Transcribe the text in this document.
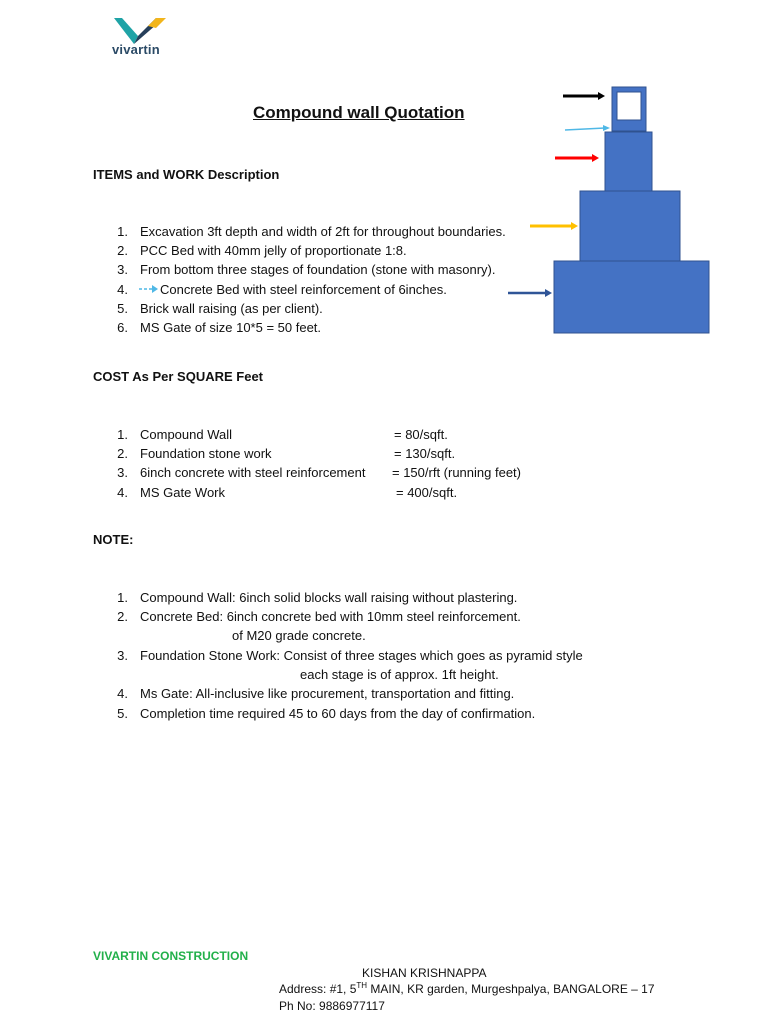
vivartin
Compound wall Quotation
ITEMS and WORK Description
1. Excavation 3ft depth and width of 2ft for throughout boundaries.
2. PCC Bed with 40mm jelly of proportionate 1:8.
3. From bottom three stages of foundation (stone with masonry).
4. Concrete Bed with steel reinforcement of 6inches.
5. Brick wall raising (as per client).
6. MS Gate of size 10*5 = 50 feet.
COST As Per SQUARE Feet
1. Compound Wall	= 80/sqft.
2. Foundation stone work	= 130/sqft.
3. 6inch concrete with steel reinforcement = 150/rft (running feet)
4. MS Gate Work	= 400/sqft.
NOTE:
1. Compound Wall: 6inch solid blocks wall raising without plastering.
2. Concrete Bed: 6inch concrete bed with 10mm steel reinforcement.
of M20 grade concrete.
3. Foundation Stone Work: Consist of three stages which goes as pyramid style
each stage is of approx. 1ft height.
4. Ms Gate: All-inclusive like procurement, transportation and fitting.
5. Completion time required 45 to 60 days from the day of confirmation.
VIVARTIN CONSTRUCTION
KISHAN KRISHNAPPA
Address: #1, 5TH MAIN, KR garden, Murgeshpalya, BANGALORE – 17
Ph No: 9886977117
